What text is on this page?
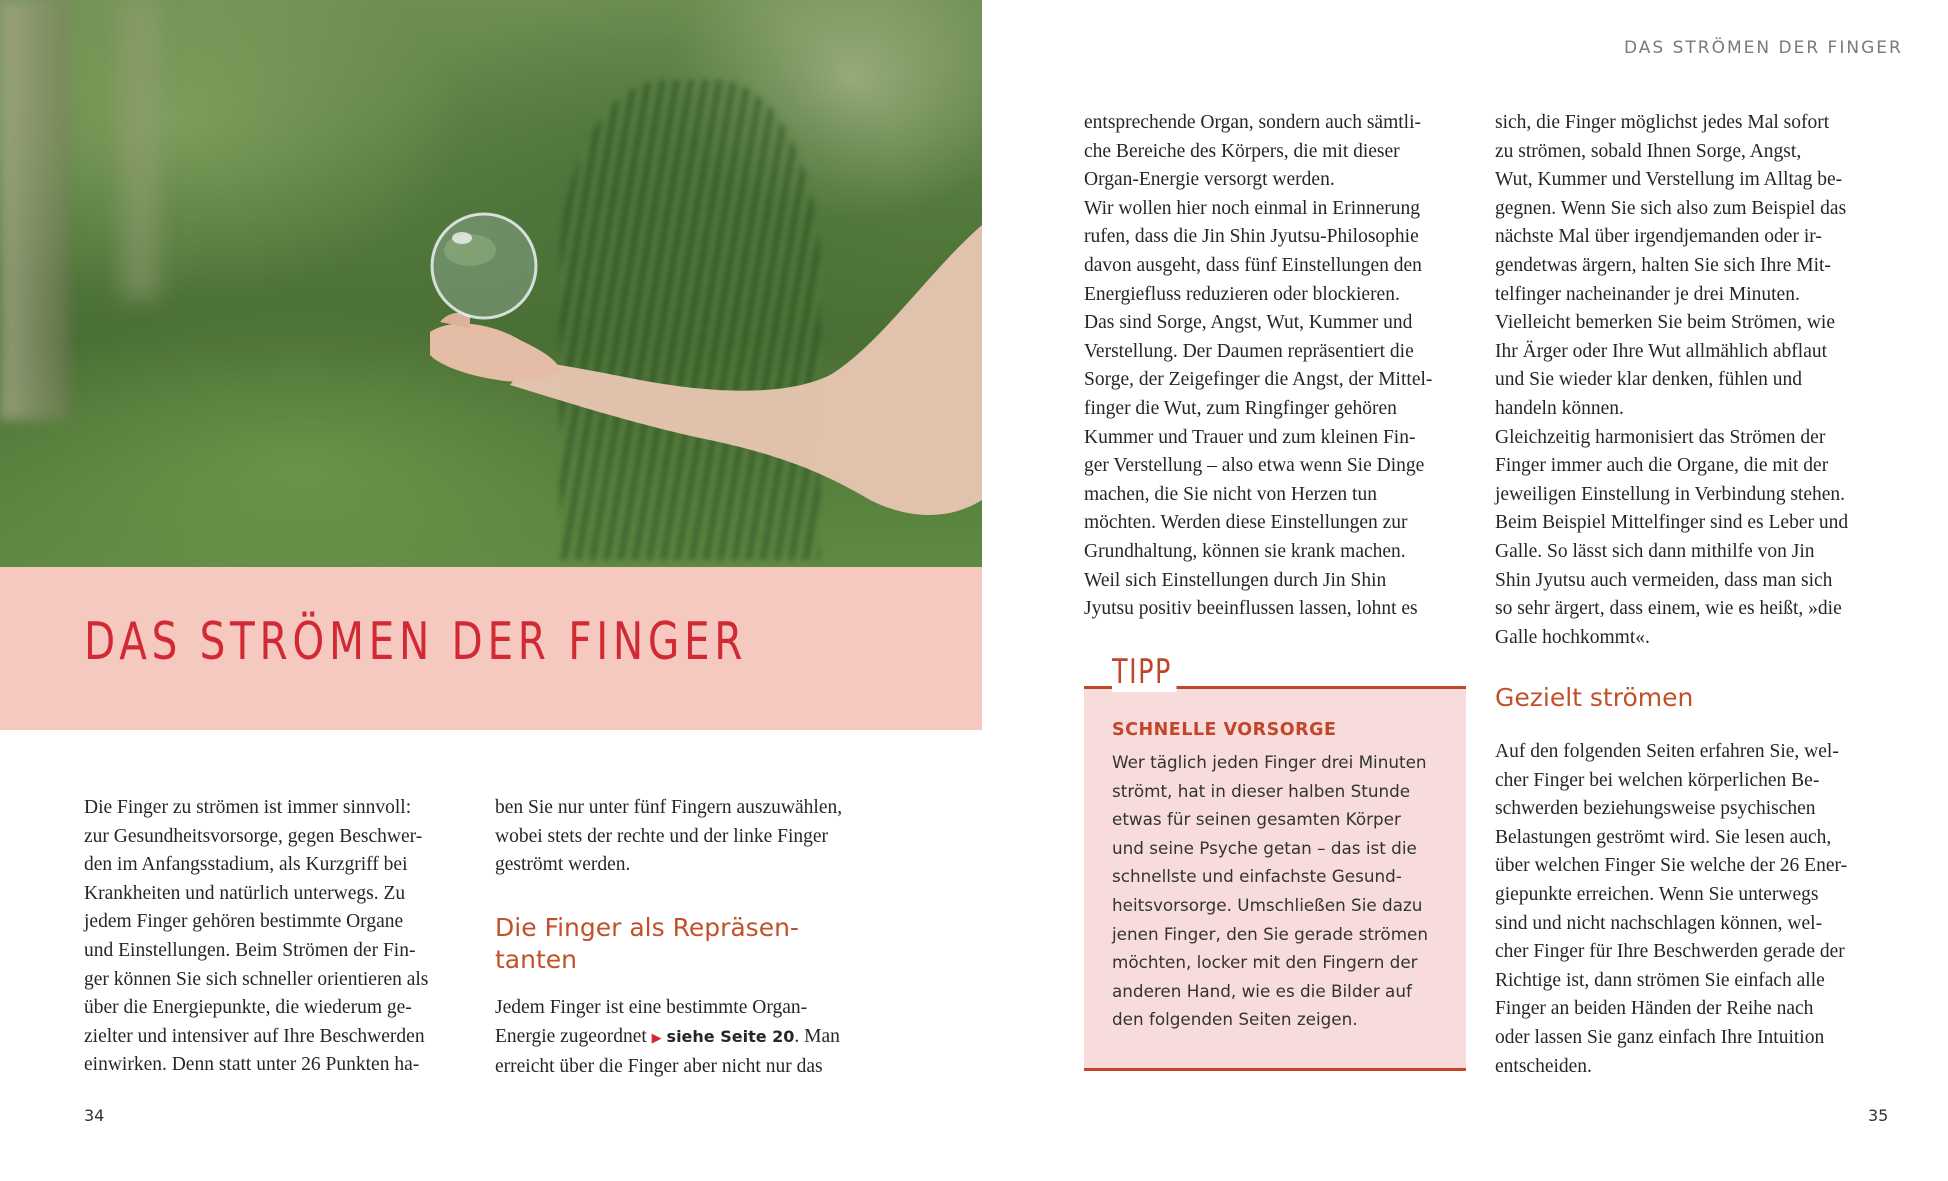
DAS STRÖMEN DER FINGER
Die Finger zu strömen ist immer sinnvoll:
zur Gesundheitsvorsorge, gegen Beschwer-
den im Anfangsstadium, als Kurzgriff bei
Krankheiten und natürlich unterwegs. Zu
jedem Finger gehören bestimmte Organe
und Einstellungen. Beim Strömen der Fin-
ger können Sie sich schneller orientieren als
über die Energiepunkte, die wiederum ge-
zielter und intensiver auf Ihre Beschwerden
einwirken. Denn statt unter 26 Punkten ha-
ben Sie nur unter fünf Fingern auszuwählen,
wobei stets der rechte und der linke Finger
geströmt werden.
Die Finger als Repräsen-
tanten
Jedem Finger ist eine bestimmte Organ-
Energie zugeordnet ▶ siehe Seite 20. Man
erreicht über die Finger aber nicht nur das
34
DAS STRÖMEN DER FINGER
entsprechende Organ, sondern auch sämtli-
che Bereiche des Körpers, die mit dieser
Organ-Energie versorgt werden.
Wir wollen hier noch einmal in Erinnerung
rufen, dass die Jin Shin Jyutsu-Philosophie
davon ausgeht, dass fünf Einstellungen den
Energiefluss reduzieren oder blockieren.
Das sind Sorge, Angst, Wut, Kummer und
Verstellung. Der Daumen repräsentiert die
Sorge, der Zeigefinger die Angst, der Mittel-
finger die Wut, zum Ringfinger gehören
Kummer und Trauer und zum kleinen Fin-
ger Verstellung – also etwa wenn Sie Dinge
machen, die Sie nicht von Herzen tun
möchten. Werden diese Einstellungen zur
Grundhaltung, können sie krank machen.
Weil sich Einstellungen durch Jin Shin
Jyutsu positiv beeinflussen lassen, lohnt es
TIPP
SCHNELLE VORSORGE
Wer täglich jeden Finger drei Minuten
strömt, hat in dieser halben Stunde
etwas für seinen gesamten Körper
und seine Psyche getan – das ist die
schnellste und einfachste Gesund-
heitsvorsorge. Umschließen Sie dazu
jenen Finger, den Sie gerade strömen
möchten, locker mit den Fingern der
anderen Hand, wie es die Bilder auf
den folgenden Seiten zeigen.
sich, die Finger möglichst jedes Mal sofort
zu strömen, sobald Ihnen Sorge, Angst,
Wut, Kummer und Verstellung im Alltag be-
gegnen. Wenn Sie sich also zum Beispiel das
nächste Mal über irgendjemanden oder ir-
gendetwas ärgern, halten Sie sich Ihre Mit-
telfinger nacheinander je drei Minuten.
Vielleicht bemerken Sie beim Strömen, wie
Ihr Ärger oder Ihre Wut allmählich abflaut
und Sie wieder klar denken, fühlen und
handeln können.
Gleichzeitig harmonisiert das Strömen der
Finger immer auch die Organe, die mit der
jeweiligen Einstellung in Verbindung stehen.
Beim Beispiel Mittelfinger sind es Leber und
Galle. So lässt sich dann mithilfe von Jin
Shin Jyutsu auch vermeiden, dass man sich
so sehr ärgert, dass einem, wie es heißt, »die
Galle hochkommt«.
Gezielt strömen
Auf den folgenden Seiten erfahren Sie, wel-
cher Finger bei welchen körperlichen Be-
schwerden beziehungsweise psychischen
Belastungen geströmt wird. Sie lesen auch,
über welchen Finger Sie welche der 26 Ener-
giepunkte erreichen. Wenn Sie unterwegs
sind und nicht nachschlagen können, wel-
cher Finger für Ihre Beschwerden gerade der
Richtige ist, dann strömen Sie einfach alle
Finger an beiden Händen der Reihe nach
oder lassen Sie ganz einfach Ihre Intuition
entscheiden.
35
